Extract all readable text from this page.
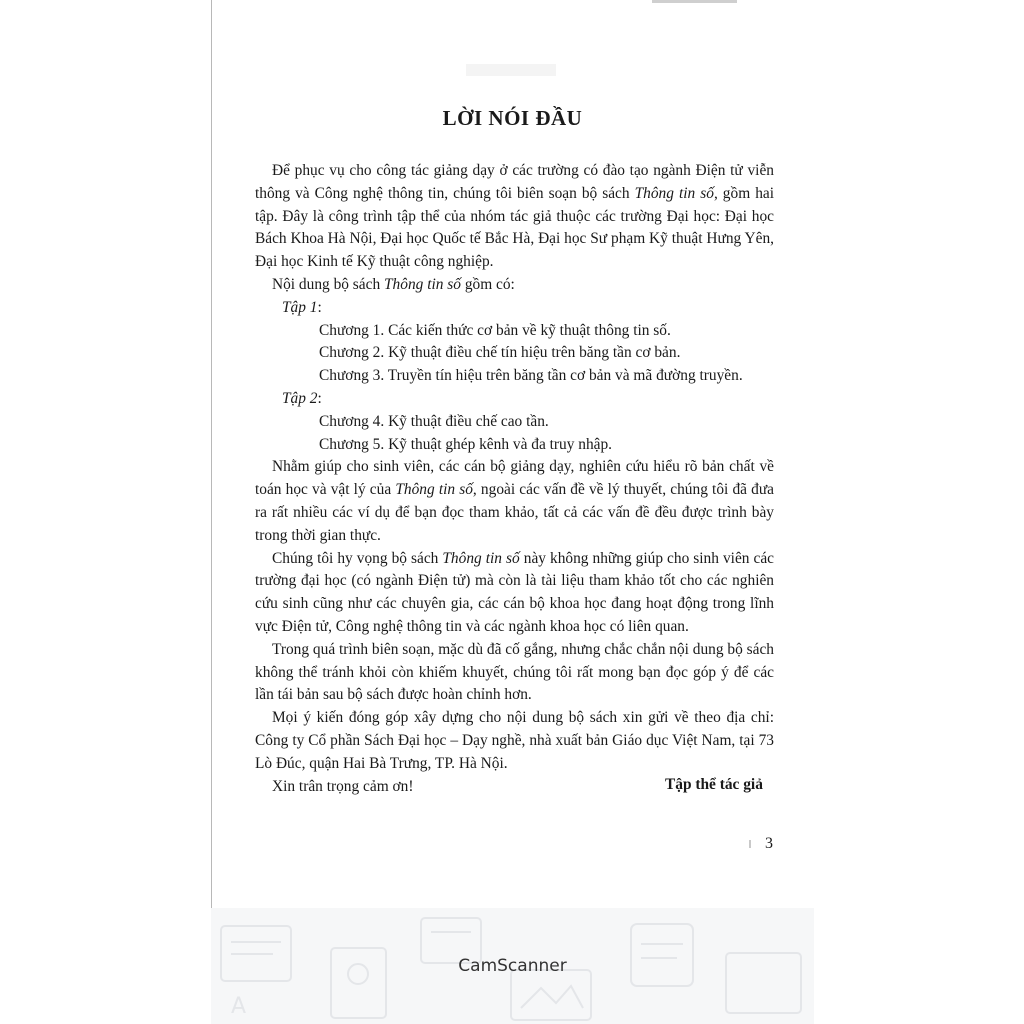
LỜI NÓI ĐẦU

Để phục vụ cho công tác giảng dạy ở các trường có đào tạo ngành Điện tử viễn thông và Công nghệ thông tin, chúng tôi biên soạn bộ sách Thông tin số, gồm hai tập. Đây là công trình tập thể của nhóm tác giả thuộc các trường Đại học: Đại học Bách Khoa Hà Nội, Đại học Quốc tế Bắc Hà, Đại học Sư phạm Kỹ thuật Hưng Yên, Đại học Kinh tế Kỹ thuật công nghiệp.

Nội dung bộ sách Thông tin số gồm có:

Tập 1:

Chương 1. Các kiến thức cơ bản về kỹ thuật thông tin số.

Chương 2. Kỹ thuật điều chế tín hiệu trên băng tần cơ bản.

Chương 3. Truyền tín hiệu trên băng tần cơ bản và mã đường truyền.

Tập 2:

Chương 4. Kỹ thuật điều chế cao tần.

Chương 5. Kỹ thuật ghép kênh và đa truy nhập.

Nhằm giúp cho sinh viên, các cán bộ giảng dạy, nghiên cứu hiểu rõ bản chất về toán học và vật lý của Thông tin số, ngoài các vấn đề về lý thuyết, chúng tôi đã đưa ra rất nhiều các ví dụ để bạn đọc tham khảo, tất cả các vấn đề đều được trình bày trong thời gian thực.

Chúng tôi hy vọng bộ sách Thông tin số này không những giúp cho sinh viên các trường đại học (có ngành Điện tử) mà còn là tài liệu tham khảo tốt cho các nghiên cứu sinh cũng như các chuyên gia, các cán bộ khoa học đang hoạt động trong lĩnh vực Điện tử, Công nghệ thông tin và các ngành khoa học có liên quan.

Trong quá trình biên soạn, mặc dù đã cố gắng, nhưng chắc chắn nội dung bộ sách không thể tránh khỏi còn khiếm khuyết, chúng tôi rất mong bạn đọc góp ý để các lần tái bản sau bộ sách được hoàn chỉnh hơn.

Mọi ý kiến đóng góp xây dựng cho nội dung bộ sách xin gửi về theo địa chỉ: Công ty Cổ phần Sách Đại học – Dạy nghề, nhà xuất bản Giáo dục Việt Nam, tại 73 Lò Đúc, quận Hai Bà Trưng, TP. Hà Nội.

Xin trân trọng cảm ơn!	Tập thể tác giả
3
A
CamScanner
